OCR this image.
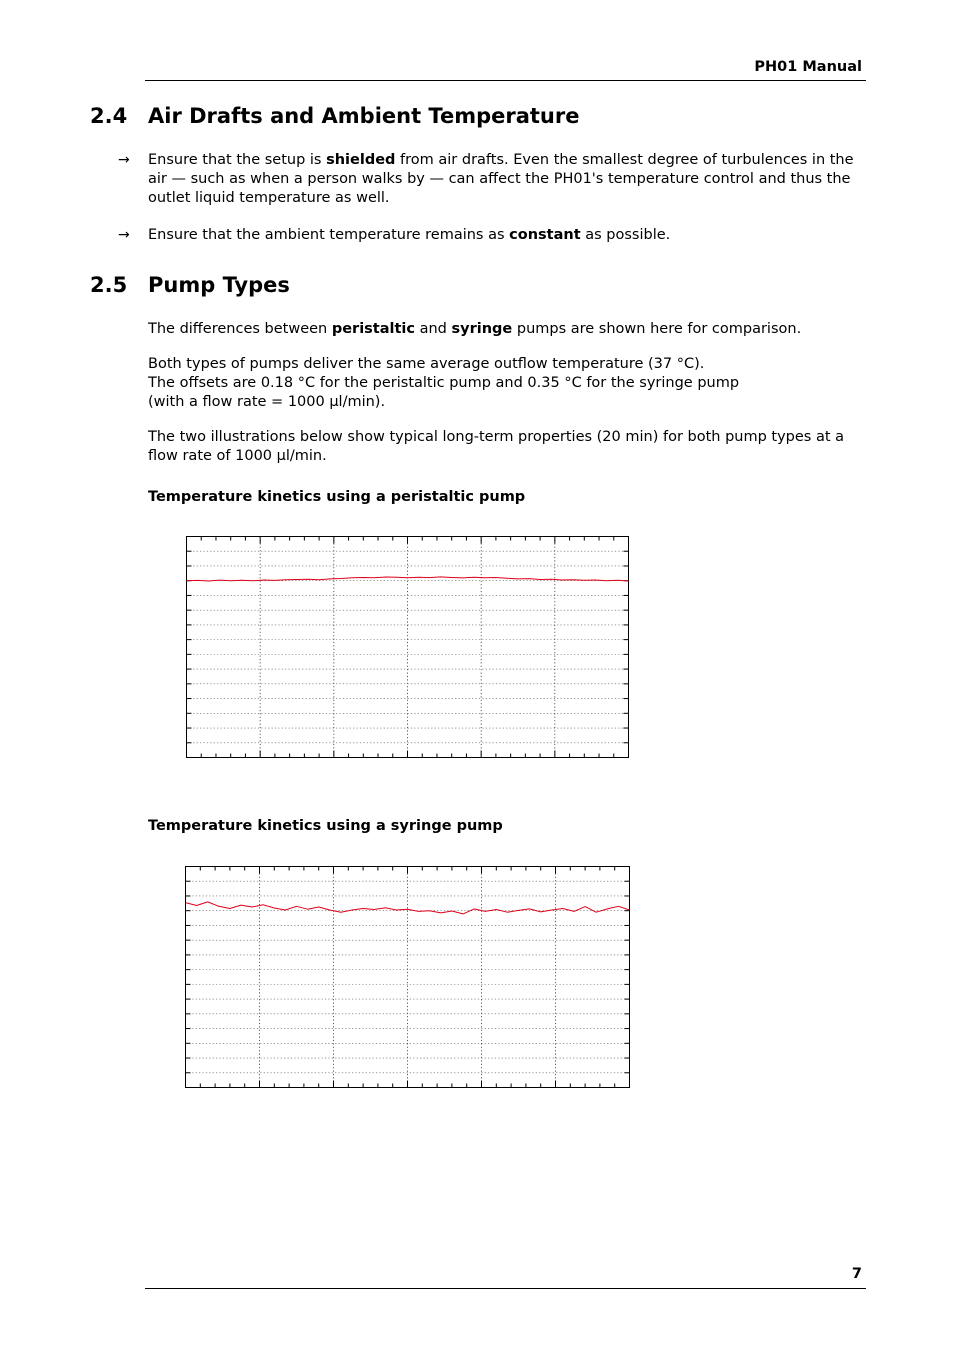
PH01 Manual
2.4 Air Drafts and Ambient Temperature
→ Ensure that the setup is shielded from air drafts. Even the smallest degree of turbulences in the air — such as when a person walks by — can affect the PH01's temperature control and thus the outlet liquid temperature as well.
→ Ensure that the ambient temperature remains as constant as possible.
2.5 Pump Types
The differences between peristaltic and syringe pumps are shown here for comparison.
Both types of pumps deliver the same average outflow temperature (37 °C).
The offsets are 0.18 °C for the peristaltic pump and 0.35 °C for the syringe pump
(with a flow rate = 1000 µl/min).
The two illustrations below show typical long-term properties (20 min) for both pump types at a flow rate of 1000 µl/min.
Temperature kinetics using a peristaltic pump
Temperature kinetics using a syringe pump
7
